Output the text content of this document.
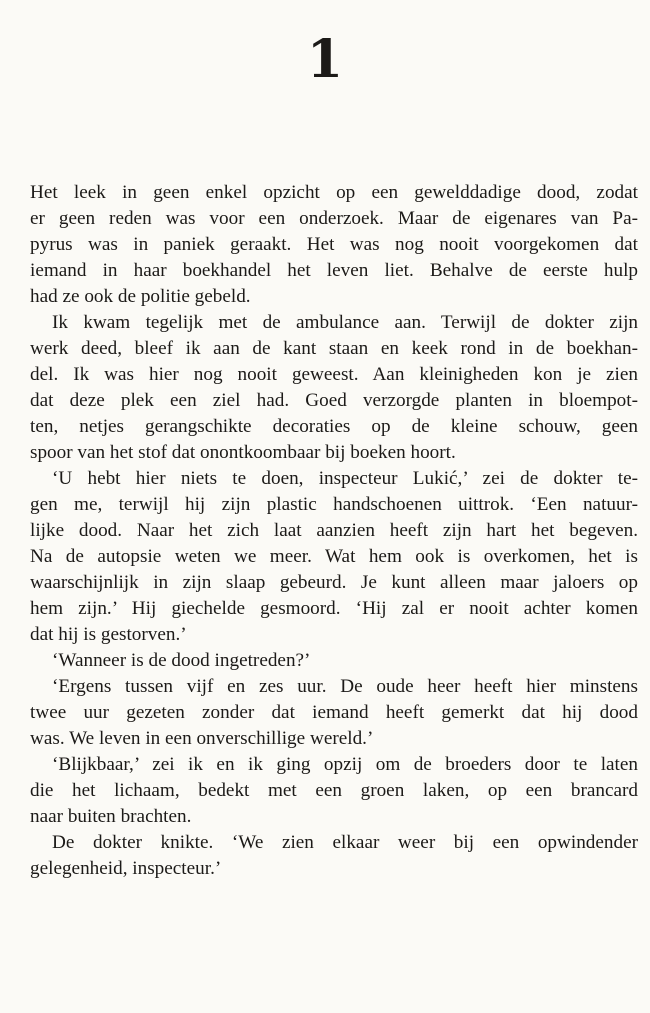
1

Het leek in geen enkel opzicht op een gewelddadige dood, zodat
er geen reden was voor een onderzoek. Maar de eigenares van Pa-
pyrus was in paniek geraakt. Het was nog nooit voorgekomen dat
iemand in haar boekhandel het leven liet. Behalve de eerste hulp
had ze ook de politie gebeld.

Ik kwam tegelijk met de ambulance aan. Terwijl de dokter zijn
werk deed, bleef ik aan de kant staan en keek rond in de boekhan-
del. Ik was hier nog nooit geweest. Aan kleinigheden kon je zien
dat deze plek een ziel had. Goed verzorgde planten in bloempot-
ten, netjes gerangschikte decoraties op de kleine schouw, geen
spoor van het stof dat onontkoombaar bij boeken hoort.

‘U hebt hier niets te doen, inspecteur Lukić,’ zei de dokter te-
gen me, terwijl hij zijn plastic handschoenen uittrok. ‘Een natuur-
lijke dood. Naar het zich laat aanzien heeft zijn hart het begeven.
Na de autopsie weten we meer. Wat hem ook is overkomen, het is
waarschijnlijk in zijn slaap gebeurd. Je kunt alleen maar jaloers op
hem zijn.’ Hij giechelde gesmoord. ‘Hij zal er nooit achter komen
dat hij is gestorven.’

‘Wanneer is de dood ingetreden?’

‘Ergens tussen vijf en zes uur. De oude heer heeft hier minstens
twee uur gezeten zonder dat iemand heeft gemerkt dat hij dood
was. We leven in een onverschillige wereld.’

‘Blijkbaar,’ zei ik en ik ging opzij om de broeders door te laten
die het lichaam, bedekt met een groen laken, op een brancard
naar buiten brachten.

De dokter knikte. ‘We zien elkaar weer bij een opwindender
gelegenheid, inspecteur.’
